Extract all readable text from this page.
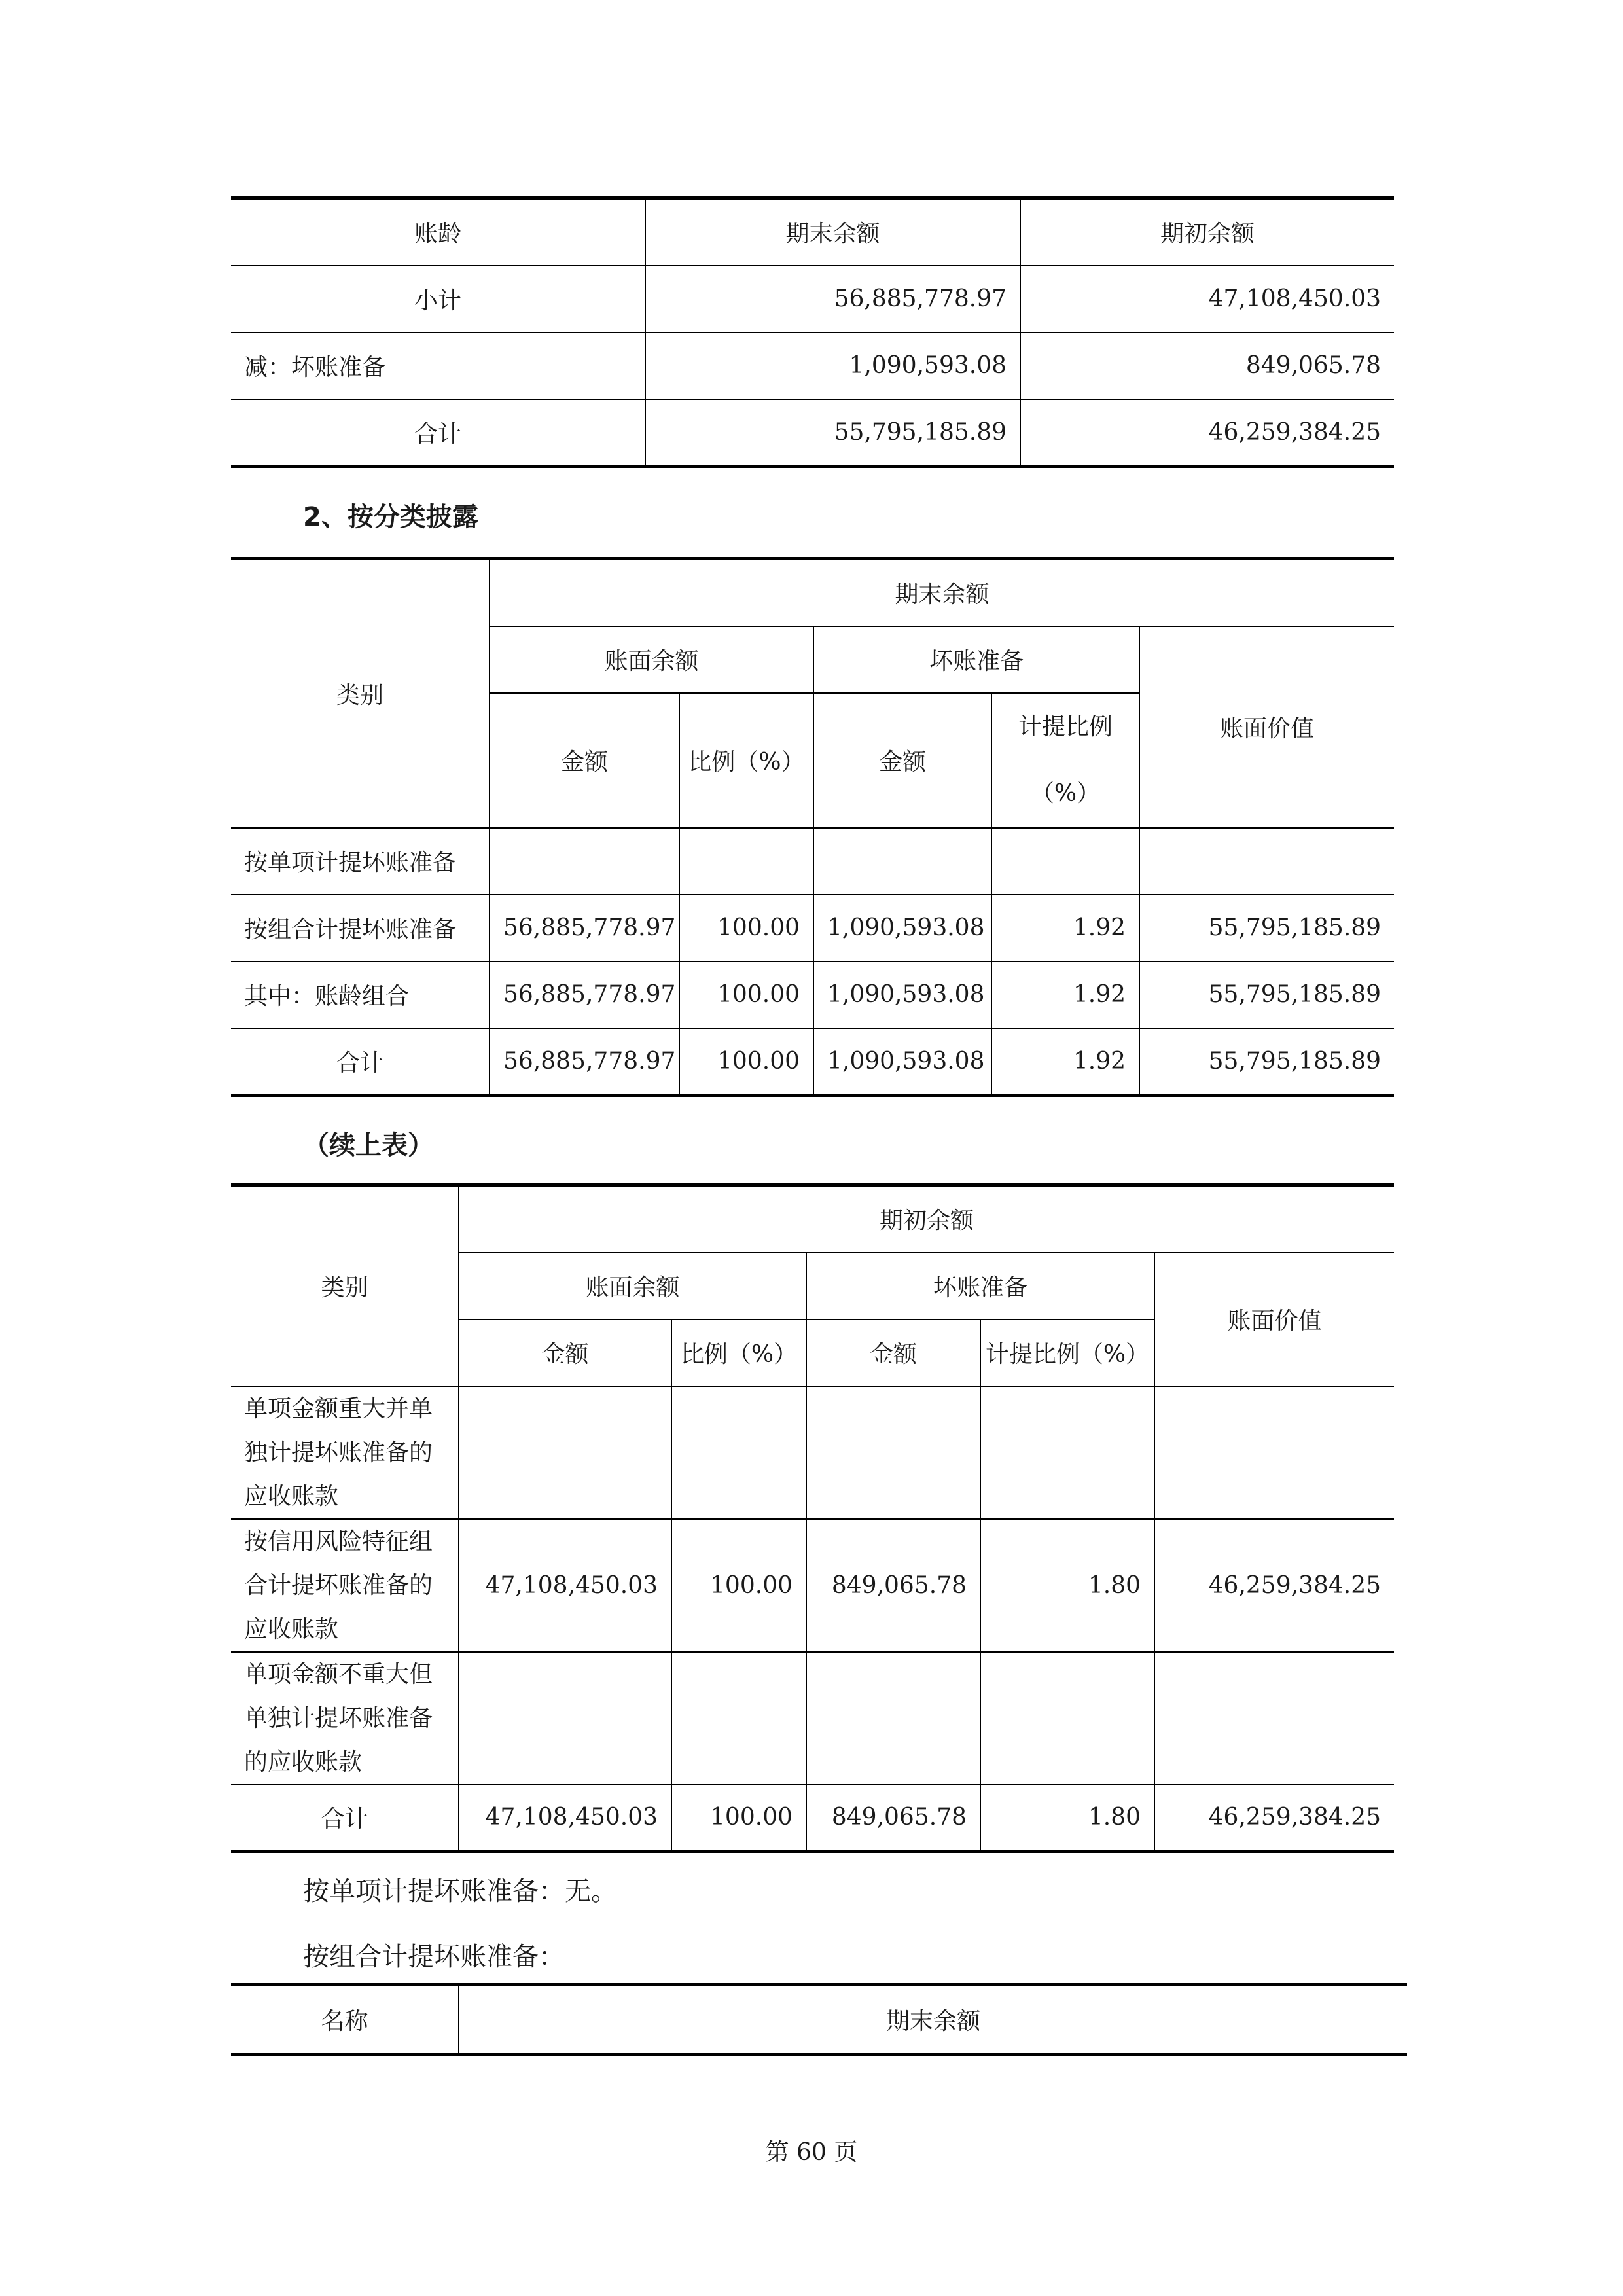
账龄	期末余额	期初余额
小计	56,885,778.97	47,108,450.03
减：坏账准备	1,090,593.08	849,065.78
合计	55,795,185.89	46,259,384.25
2、按分类披露
类别	期末余额				
	账面余额		坏账准备		账面价值
	金额	比例（%）	金额	计提比例
（%）	

按单项计提坏账准备					
按组合计提坏账准备	56,885,778.97	100.00	1,090,593.08	1.92	55,795,185.89
其中：账龄组合	56,885,778.97	100.00	1,090,593.08	1.92	55,795,185.89
合计	56,885,778.97	100.00	1,090,593.08	1.92	55,795,185.89
（续上表）
类别	期初余额				
	账面余额		坏账准备		账面价值
	金额	比例（%）	金额	计提比例（%）	
单项金额重大并单独计提坏账准备的应收账款					
按信用风险特征组合计提坏账准备的应收账款	47,108,450.03	100.00	849,065.78	1.80	46,259,384.25
单项金额不重大但单独计提坏账准备的应收账款					
合计	47,108,450.03	100.00	849,065.78	1.80	46,259,384.25
按单项计提坏账准备：无。
按组合计提坏账准备：
名称	期末余额
第 60 页
